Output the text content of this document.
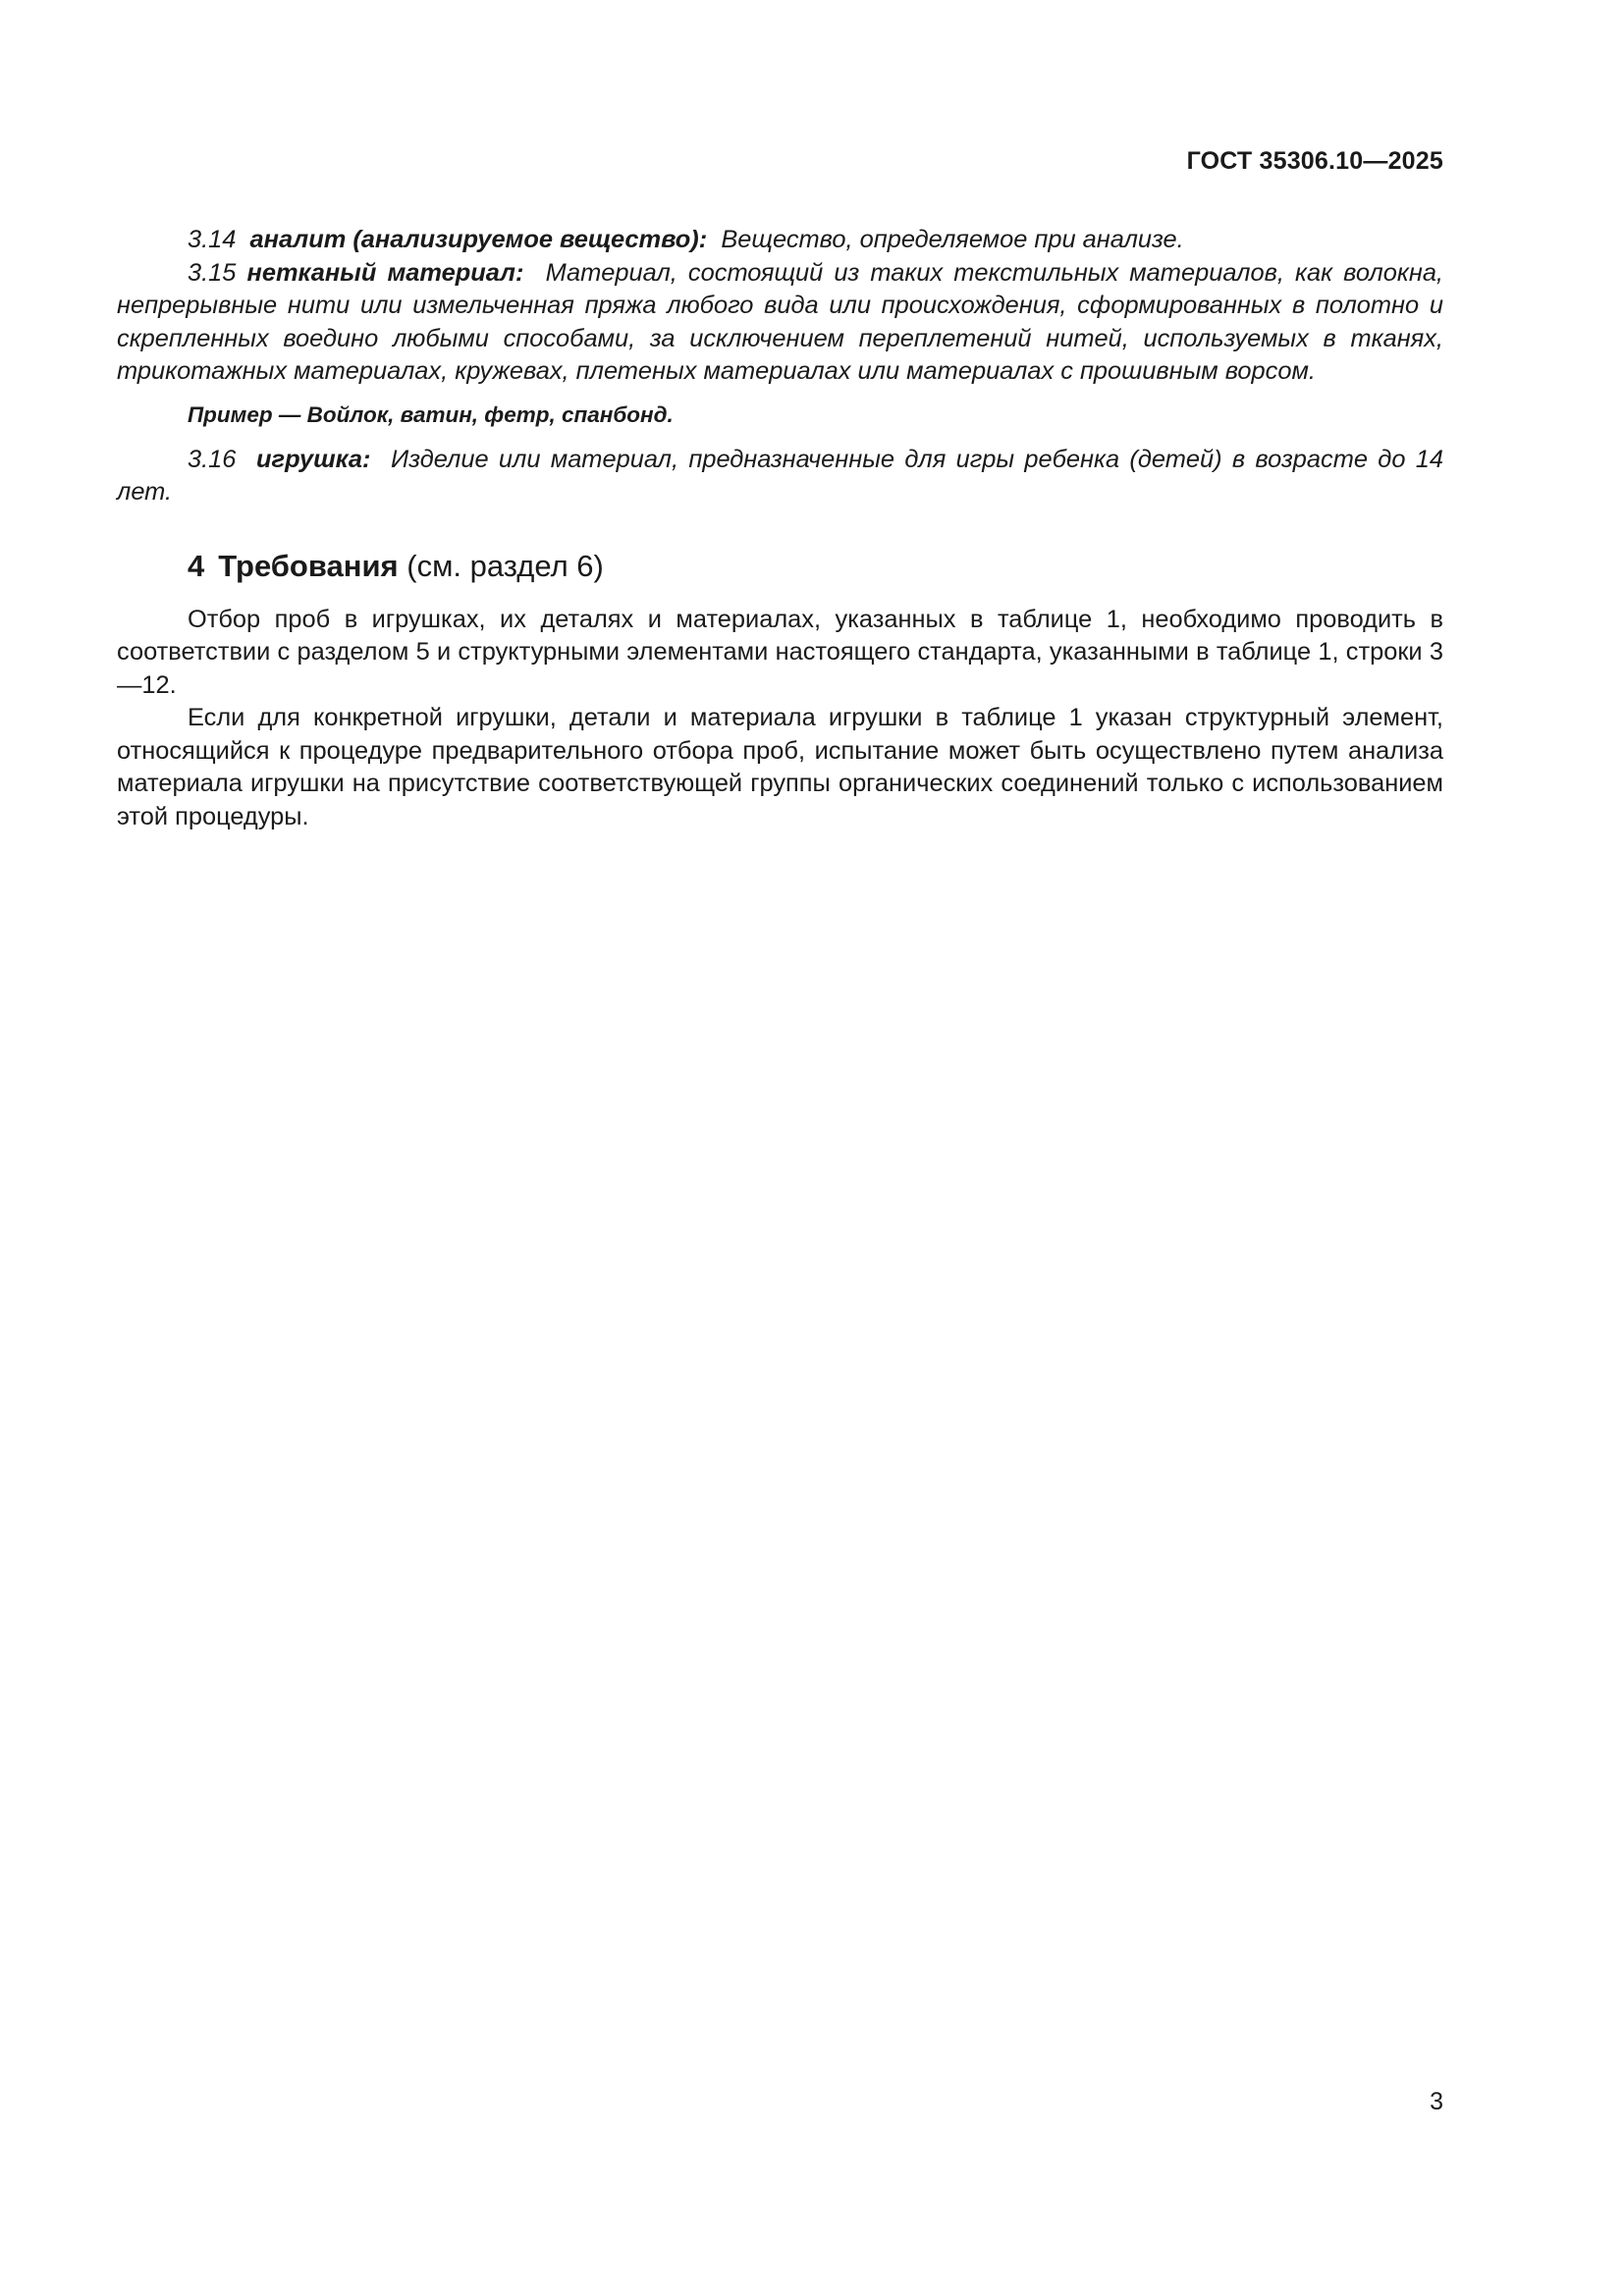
ГОСТ 35306.10—2025

3.14 аналит (анализируемое вещество): Вещество, определяемое при анализе.

3.15 нетканый материал: Материал, состоящий из таких текстильных материалов, как волокна, непрерывные нити или измельченная пряжа любого вида или происхождения, сформированных в полотно и скрепленных воедино любыми способами, за исключением переплетений нитей, используемых в тканях, трикотажных материалах, кружевах, плетеных материалах или материалах с прошивным ворсом.

Пример — Войлок, ватин, фетр, спанбонд.

3.16 игрушка: Изделие или материал, предназначенные для игры ребенка (детей) в возрасте до 14 лет.

4 Требования (см. раздел 6)

Отбор проб в игрушках, их деталях и материалах, указанных в таблице 1, необходимо проводить в соответствии с разделом 5 и структурными элементами настоящего стандарта, указанными в таблице 1, строки 3—12.

Если для конкретной игрушки, детали и материала игрушки в таблице 1 указан структурный элемент, относящийся к процедуре предварительного отбора проб, испытание может быть осуществлено путем анализа материала игрушки на присутствие соответствующей группы органических соединений только с использованием этой процедуры.

3
